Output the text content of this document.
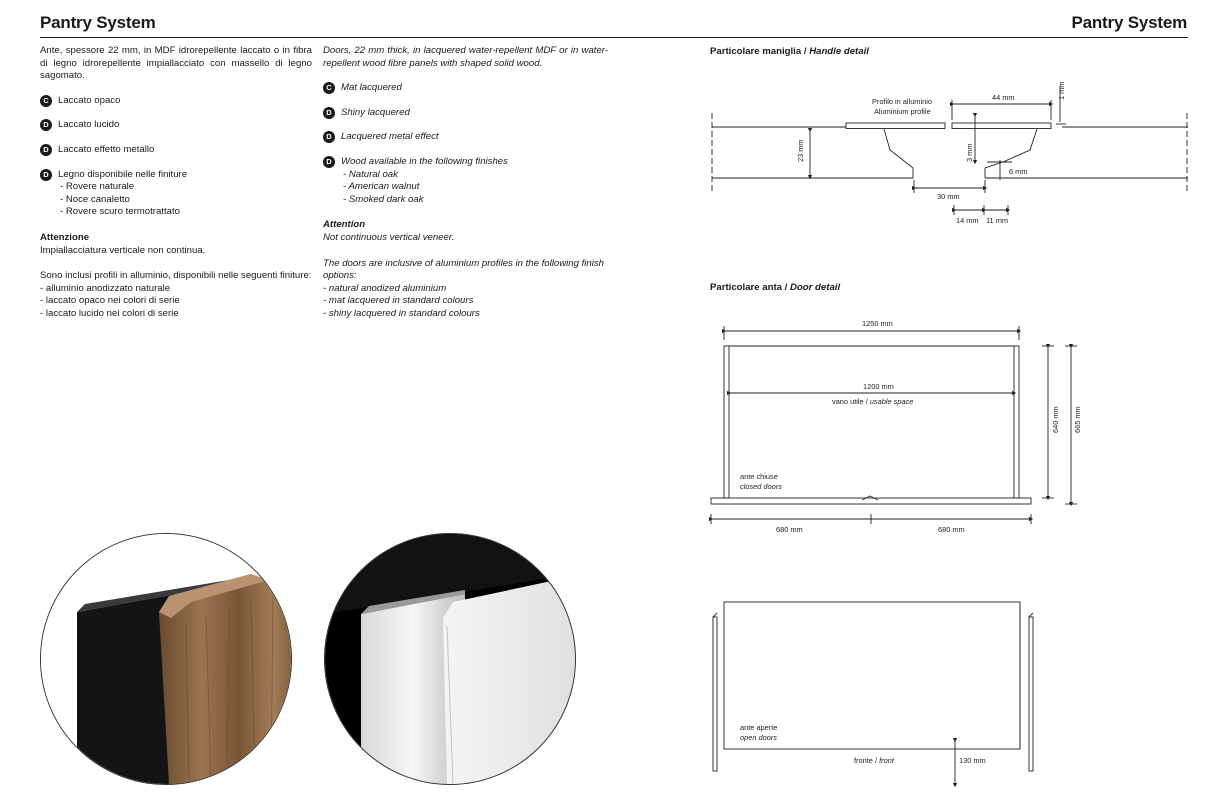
Pantry System	Pantry System

Ante, spessore 22 mm, in MDF idrorepellente laccato o in fibra di legno idrorepellente impiallacciato con massello di legno sagomato.

C Laccato opaco
D Laccato lucido
D Laccato effetto metallo
D Legno disponibile nelle finiture

- Rovere naturale

- Noce canaletto

- Rovere scuro termotrattato

Attenzione

Impiallacciatura verticale non continua.

Sono inclusi profili in alluminio, disponibili nelle seguenti finiture:

- alluminio anodizzato naturale

- laccato opaco nei colori di serie

- laccato lucido nei colori di serie

Doors, 22 mm thick, in lacquered water-repellent MDF or in water-repellent wood fibre panels with shaped solid wood.

C Mat lacquered
D Shiny lacquered
D Lacquered metal effect
D Wood available in the following finishes

- Natural oak

- American walnut

- Smoked dark oak

Attention

Not continuous vertical veneer.

The doors are inclusive of aluminium profiles in the following finish options:

- natural anodized aluminium

- mat lacquered in standard colours

- shiny lacquered in standard colours

Particolare maniglia / Handle detail
Particolare anta / Door detail
Profilo in alluminio
Aluminium profile
44 mm	1 mm
23 mm	3 mm
6 mm
30 mm
14 mm 11 mm
1250 mm
1200 mm
vano utile / usable space
640 mm 665 mm
ante chiuse
closed doors
680 mm	680 mm
ante aperte
open doors
fronte / front	130 mm
